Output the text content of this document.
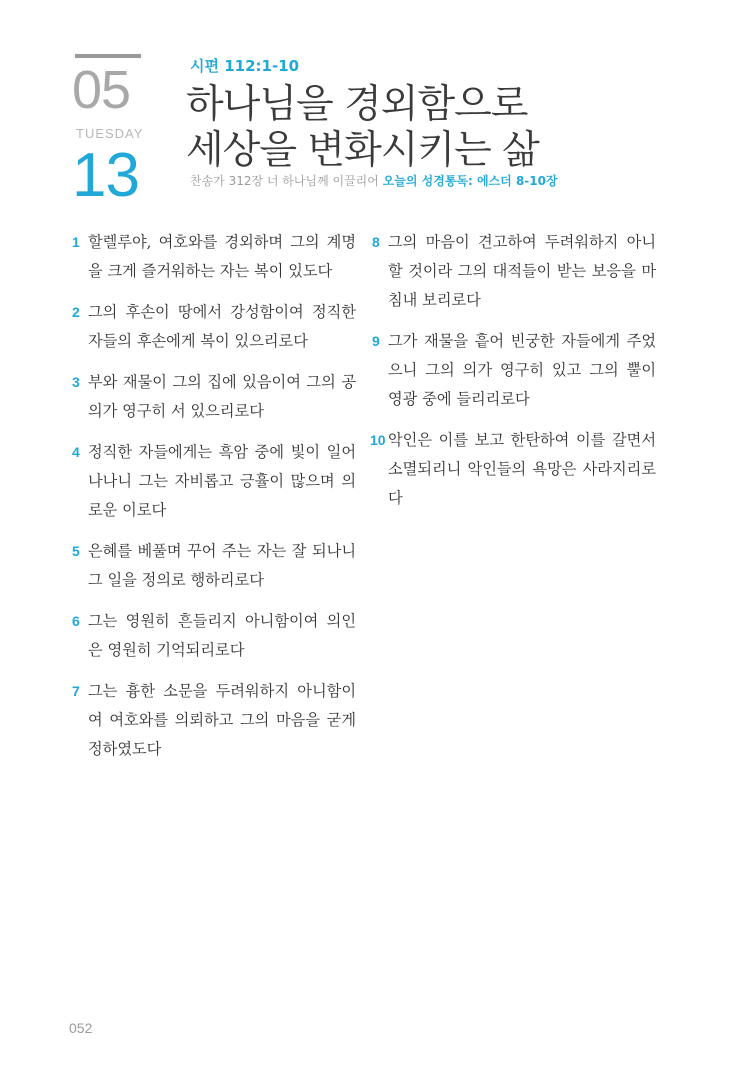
05
TUESDAY
13
시편 112:1-10
하나님을 경외함으로
세상을 변화시키는 삶
찬송가 312장 너 하나님께 이끌리어 오늘의 성경통독: 에스더 8-10장
1 할렐루야, 여호와를 경외하며 그의 계명을 크게 즐거워하는 자는 복이 있도다
2 그의 후손이 땅에서 강성함이여 정직한 자들의 후손에게 복이 있으리로다
3 부와 재물이 그의 집에 있음이여 그의 공의가 영구히 서 있으리로다
4 정직한 자들에게는 흑암 중에 빛이 일어나나니 그는 자비롭고 긍휼이 많으며 의로운 이로다
5 은혜를 베풀며 꾸어 주는 자는 잘 되나니 그 일을 정의로 행하리로다
6 그는 영원히 흔들리지 아니함이여 의인은 영원히 기억되리로다
7 그는 흉한 소문을 두려워하지 아니함이여 여호와를 의뢰하고 그의 마음을 굳게 정하였도다
8 그의 마음이 견고하여 두려워하지 아니할 것이라 그의 대적들이 받는 보응을 마침내 보리로다
9 그가 재물을 흩어 빈궁한 자들에게 주었으니 그의 의가 영구히 있고 그의 뿔이 영광 중에 들리리로다
10 악인은 이를 보고 한탄하여 이를 갈면서 소멸되리니 악인들의 욕망은 사라지리로다
052
